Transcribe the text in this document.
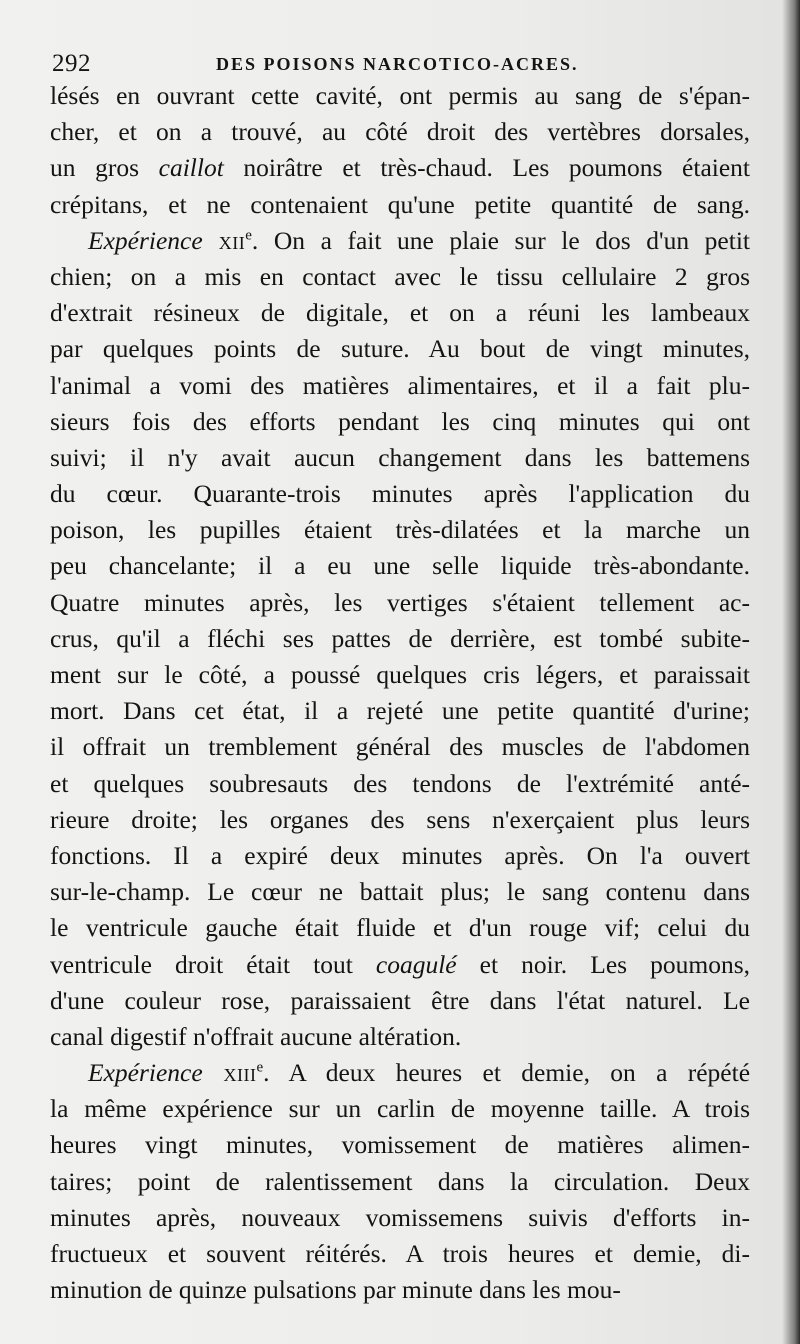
292	DES POISONS NARCOTICO-ACRES.
lésés en ouvrant cette cavité, ont permis au sang de s'épan-
cher, et on a trouvé, au côté droit des vertèbres dorsales,
un gros caillot noirâtre et très-chaud. Les poumons étaient
crépitans, et ne contenaient qu'une petite quantité de sang.
Expérience xii$^e$. On a fait une plaie sur le dos d'un petit
chien; on a mis en contact avec le tissu cellulaire 2 gros
d'extrait résineux de digitale, et on a réuni les lambeaux
par quelques points de suture. Au bout de vingt minutes,
l'animal a vomi des matières alimentaires, et il a fait plu-
sieurs fois des efforts pendant les cinq minutes qui ont
suivi; il n'y avait aucun changement dans les battemens
du cœur. Quarante-trois minutes après l'application du
poison, les pupilles étaient très-dilatées et la marche un
peu chancelante; il a eu une selle liquide très-abondante.
Quatre minutes après, les vertiges s'étaient tellement ac-
crus, qu'il a fléchi ses pattes de derrière, est tombé subite-
ment sur le côté, a poussé quelques cris légers, et paraissait
mort. Dans cet état, il a rejeté une petite quantité d'urine;
il offrait un tremblement général des muscles de l'abdomen
et quelques soubresauts des tendons de l'extrémité anté-
rieure droite; les organes des sens n'exerçaient plus leurs
fonctions. Il a expiré deux minutes après. On l'a ouvert
sur-le-champ. Le cœur ne battait plus; le sang contenu dans
le ventricule gauche était fluide et d'un rouge vif; celui du
ventricule droit était tout coagulé et noir. Les poumons,
d'une couleur rose, paraissaient être dans l'état naturel. Le
canal digestif n'offrait aucune altération.
Expérience xiii$^e$. A deux heures et demie, on a répété
la même expérience sur un carlin de moyenne taille. A trois
heures vingt minutes, vomissement de matières alimen-
taires; point de ralentissement dans la circulation. Deux
minutes après, nouveaux vomissemens suivis d'efforts in-
fructueux et souvent réitérés. A trois heures et demie, di-
minution de quinze pulsations par minute dans les mou-
